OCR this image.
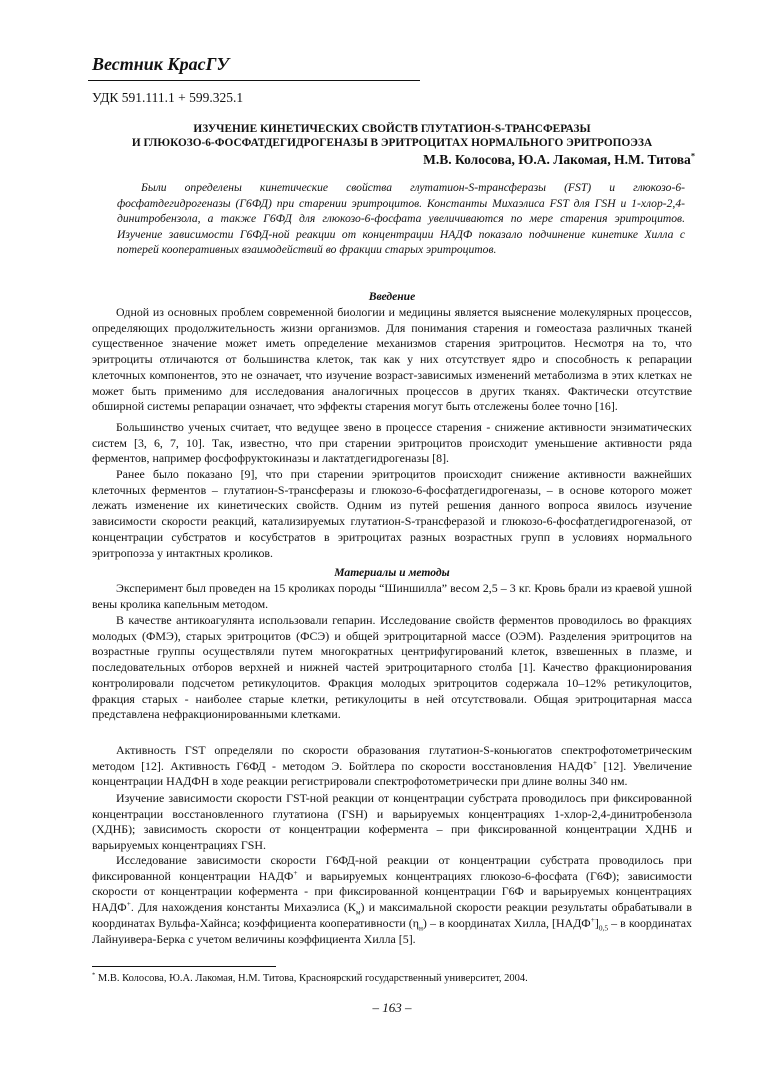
Вестник КрасГУ
УДК 591.111.1 + 599.325.1
ИЗУЧЕНИЕ КИНЕТИЧЕСКИХ СВОЙСТВ ГЛУТАТИОН-S-ТРАНСФЕРАЗЫ
И ГЛЮКОЗО-6-ФОСФАТДЕГИДРОГЕНАЗЫ В ЭРИТРОЦИТАХ НОРМАЛЬНОГО ЭРИТРОПОЭЗА
М.В. Колосова, Ю.А. Лакомая, Н.М. Титова*

Были определены кинетические свойства глутатион-S-трансферазы (FST) и глюкозо-6-фосфатдегидрогеназы (Г6ФД) при старении эритроцитов. Константы Михаэлиса FST для ГSН и 1-хлор-2,4-динитробензола, а также Г6ФД для глюкозо-6-фосфата увеличиваются по мере старения эритроцитов. Изучение зависимости Г6ФД-ной реакции от концентрации НАДФ показало подчинение кинетике Хилла с потерей кооперативных взаимодействий во фракции старых эритроцитов.

Введение

Одной из основных проблем современной биологии и медицины является выяснение молекулярных процессов, определяющих продолжительность жизни организмов. Для понимания старения и гомеостаза различных тканей существенное значение может иметь определение механизмов старения эритроцитов. Несмотря на то, что эритроциты отличаются от большинства клеток, так как у них отсутствует ядро и способность к репарации клеточных компонентов, это не означает, что изучение возраст-зависимых изменений метаболизма в этих клетках не может быть применимо для исследования аналогичных процессов в других тканях. Фактически отсутствие обширной системы репарации означает, что эффекты старения могут быть отслежены более точно [16].

Большинство ученых считает, что ведущее звено в процессе старения - снижение активности энзиматических систем [3, 6, 7, 10]. Так, известно, что при старении эритроцитов происходит уменьшение активности ряда ферментов, например фосфофруктокиназы и лактатдегидрогеназы [8].

Ранее было показано [9], что при старении эритроцитов происходит снижение активности важнейших клеточных ферментов – глутатион-S-трансферазы и глюкозо-6-фосфатдегидрогеназы, – в основе которого может лежать изменение их кинетических свойств. Одним из путей решения данного вопроса явилось изучение зависимости скорости реакций, катализируемых глутатион-S-трансферазой и глюкозо-6-фосфатдегидрогеназой, от концентрации субстратов и косубстратов в эритроцитах разных возрастных групп в условиях нормального эритропоэза у интактных кроликов.

Материалы и методы

Эксперимент был проведен на 15 кроликах породы “Шиншилла” весом 2,5 – 3 кг. Кровь брали из краевой ушной вены кролика капельным методом.

В качестве антикоагулянта использовали гепарин. Исследование свойств ферментов проводилось во фракциях молодых (ФМЭ), старых эритроцитов (ФСЭ) и общей эритроцитарной массе (ОЭМ). Разделения эритроцитов на возрастные группы осуществляли путем многократных центрифугирований клеток, взвешенных в плазме, и последовательных отборов верхней и нижней частей эритроцитарного столба [1]. Качество фракционирования контролировали подсчетом ретикулоцитов. Фракция молодых эритроцитов содержала 10–12% ретикулоцитов, фракция старых - наиболее старые клетки, ретикулоциты в ней отсутствовали. Общая эритроцитарная масса представлена нефракционированными клетками.

Активность ГST определяли по скорости образования глутатион-S-коньюгатов спектрофотометрическим методом [12]. Активность Г6ФД - методом Э. Бойтлера по скорости восстановления НАДФ+ [12]. Увеличение концентрации НАДФН в ходе реакции регистрировали спектрофотометрически при длине волны 340 нм.

Изучение зависимости скорости ГST-ной реакции от концентрации субстрата проводилось при фиксированной концентрации восстановленного глутатиона (ГSН) и варьируемых концентрациях 1-хлор-2,4-динитробензола (ХДНБ); зависимость скорости от концентрации кофермента – при фиксированной концентрации ХДНБ и варьируемых концентрациях ГSН.

Исследование зависимости скорости Г6ФД-ной реакции от концентрации субстрата проводилось при фиксированной концентрации НАДФ+ и варьируемых концентрациях глюкозо-6-фосфата (Г6Ф); зависимости скорости от концентрации кофермента - при фиксированной концентрации Г6Ф и варьируемых концентрациях НАДФ+. Для нахождения константы Михаэлиса $(К_м)$ и максимальной скорости реакции результаты обрабатывали в координатах Вульфа-Хайнса; коэффициента кооперативности $(\eta_н)$ – в координатах Хилла, $[НАДФ^+]_{0,5}$ – в координатах Лайнуивера-Берка с учетом величины коэффициента Хилла [5].

* М.В. Колосова, Ю.А. Лакомая, Н.М. Титова, Красноярский государственный университет, 2004.
– 163 –
